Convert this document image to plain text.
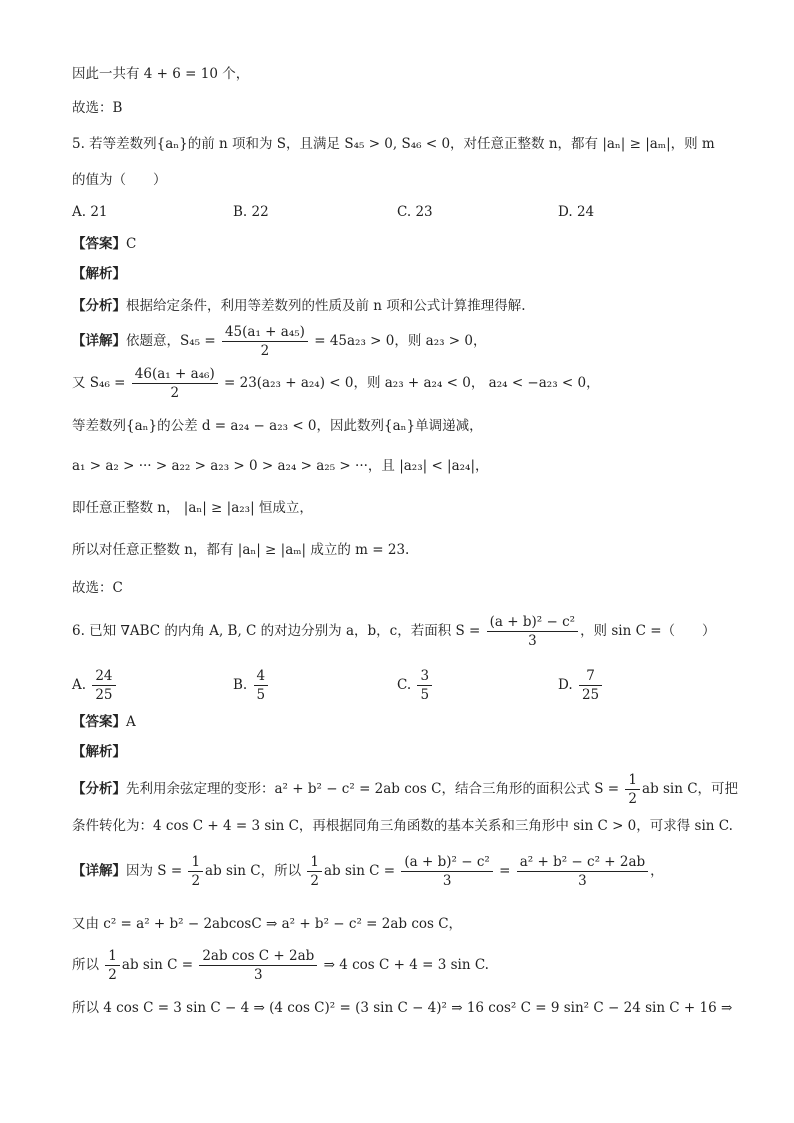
因此一共有 4 + 6 = 10 个，
故选：B
5. 若等差数列{aₙ}的前 n 项和为 S，且满足 S₄₅ > 0, S₄₆ < 0，对任意正整数 n，都有 |aₙ| ≥ |aₘ|，则 m
的值为（　　）
A. 21	B. 22	C. 23	D. 24
【答案】C
【解析】
【分析】根据给定条件，利用等差数列的性质及前 n 项和公式计算推理得解.
【详解】依题意，$S_{45} = \frac{\text{45(a₁ + a₄₅)}}{2} = 45a_{23} > 0$，则 a₂₃ > 0，
又 $S_{46} = \frac{\text{46(a₁ + a₄₆)}}{2} = 23(a_{23} + a_{24}) < 0$，则 a₂₃ + a₂₄ < 0， a₂₄ < −a₂₃ < 0，
等差数列{aₙ}的公差 d = a₂₄ − a₂₃ < 0，因此数列{aₙ}单调递减，
a₁ > a₂ > ··· > a₂₂ > a₂₃ > 0 > a₂₄ > a₂₅ > ···，且 |a₂₃| < |a₂₄|，
即任意正整数 n， |aₙ| ≥ |a₂₃| 恒成立，
所以对任意正整数 n，都有 |aₙ| ≥ |aₘ| 成立的 m = 23.
故选：C
6. 已知 ∇ABC 的内角 A, B, C 的对边分别为 a，b，c，若面积 $S = \frac{\text{(a + b)² − c²}}{3}$ ，则 sin C =（　　）
A. $\frac{24}{25}$	B. $\frac{4}{5}$	C. $\frac{3}{5}$	D. $\frac{7}{25}$
【答案】A
【解析】
【分析】先利用余弦定理的变形：a² + b² − c² = 2ab cos C，结合三角形的面积公式 $S = \frac{1}{2}$ ab sin C，可把
条件转化为：4 cos C + 4 = 3 sin C，再根据同角三角函数的基本关系和三角形中 sin C > 0，可求得 sin C.
【详解】因为 $S = \frac{1}{2}$ ab sin C，所以 $\frac{1}{2}$ ab $\sin C = \frac{\text{(a + b)² − c²}}{3} = \frac{\text{a² + b² − c² + 2ab}}{3}$ ，
又由 c² = a² + b² − 2abcosC ⇒ a² + b² − c² = 2ab cos C，
所以 $\frac{1}{2}$ ab $\sin C = \frac{\text{2ab cos C + 2ab}}{3}$ ⇒ 4 cos C + 4 = 3 sin C.
所以 4 cos C = 3 sin C − 4 ⇒ (4 cos C)² = (3 sin C − 4)² ⇒ 16 cos² C = 9 sin² C − 24 sin C + 16 ⇒
